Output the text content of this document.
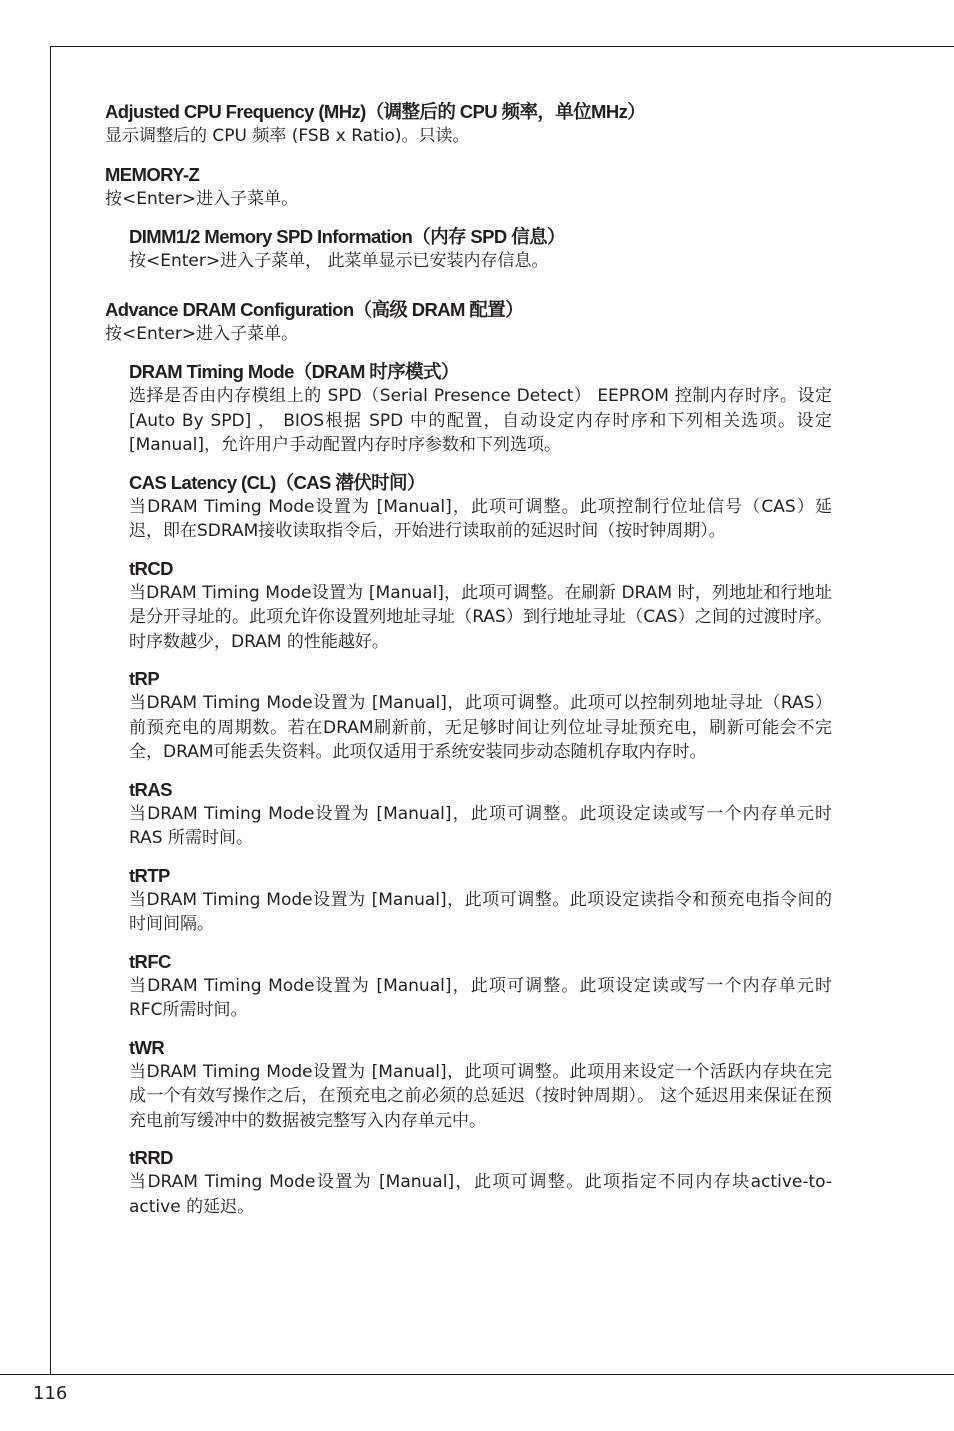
Adjusted CPU Frequency (MHz)（调整后的 CPU 频率，单位MHz）

显示调整后的 CPU 频率 (FSB x Ratio)。只读。

MEMORY-Z

按<Enter>进入子菜单。

DIMM1/2 Memory SPD Information（内存 SPD 信息）

按<Enter>进入子菜单， 此菜单显示已安装内存信息。

Advance DRAM Configuration（高级 DRAM 配置）

按<Enter>进入子菜单。

DRAM Timing Mode（DRAM 时序模式）

选择是否由内存模组上的 SPD（Serial Presence Detect） EEPROM 控制内存时序。设定 [Auto By SPD] ， BIOS根据 SPD 中的配置，自动设定内存时序和下列相关选项。设定[Manual]，允许用户手动配置内存时序参数和下列选项。

CAS Latency (CL)（CAS 潜伏时间）

当DRAM Timing Mode设置为 [Manual]，此项可调整。此项控制行位址信号（CAS）延迟，即在SDRAM接收读取指令后，开始进行读取前的延迟时间（按时钟周期）。

tRCD

当DRAM Timing Mode设置为 [Manual]，此项可调整。在刷新 DRAM 时，列地址和行地址是分开寻址的。此项允许你设置列地址寻址（RAS）到行地址寻址（CAS）之间的过渡时序。时序数越少，DRAM 的性能越好。

tRP

当DRAM Timing Mode设置为 [Manual]，此项可调整。此项可以控制列地址寻址（RAS）前预充电的周期数。若在DRAM刷新前，无足够时间让列位址寻址预充电，刷新可能会不完全，DRAM可能丢失资料。此项仅适用于系统安装同步动态随机存取内存时。

tRAS

当DRAM Timing Mode设置为 [Manual]，此项可调整。此项设定读或写一个内存单元时 RAS 所需时间。

tRTP

当DRAM Timing Mode设置为 [Manual]，此项可调整。此项设定读指令和预充电指令间的时间间隔。

tRFC

当DRAM Timing Mode设置为 [Manual]，此项可调整。此项设定读或写一个内存单元时RFC所需时间。

tWR

当DRAM Timing Mode设置为 [Manual]，此项可调整。此项用来设定一个活跃内存块在完成一个有效写操作之后，在预充电之前必须的总延迟（按时钟周期）。 这个延迟用来保证在预充电前写缓冲中的数据被完整写入内存单元中。

tRRD

当DRAM Timing Mode设置为 [Manual]，此项可调整。此项指定不同内存块active-to-active 的延迟。

116
